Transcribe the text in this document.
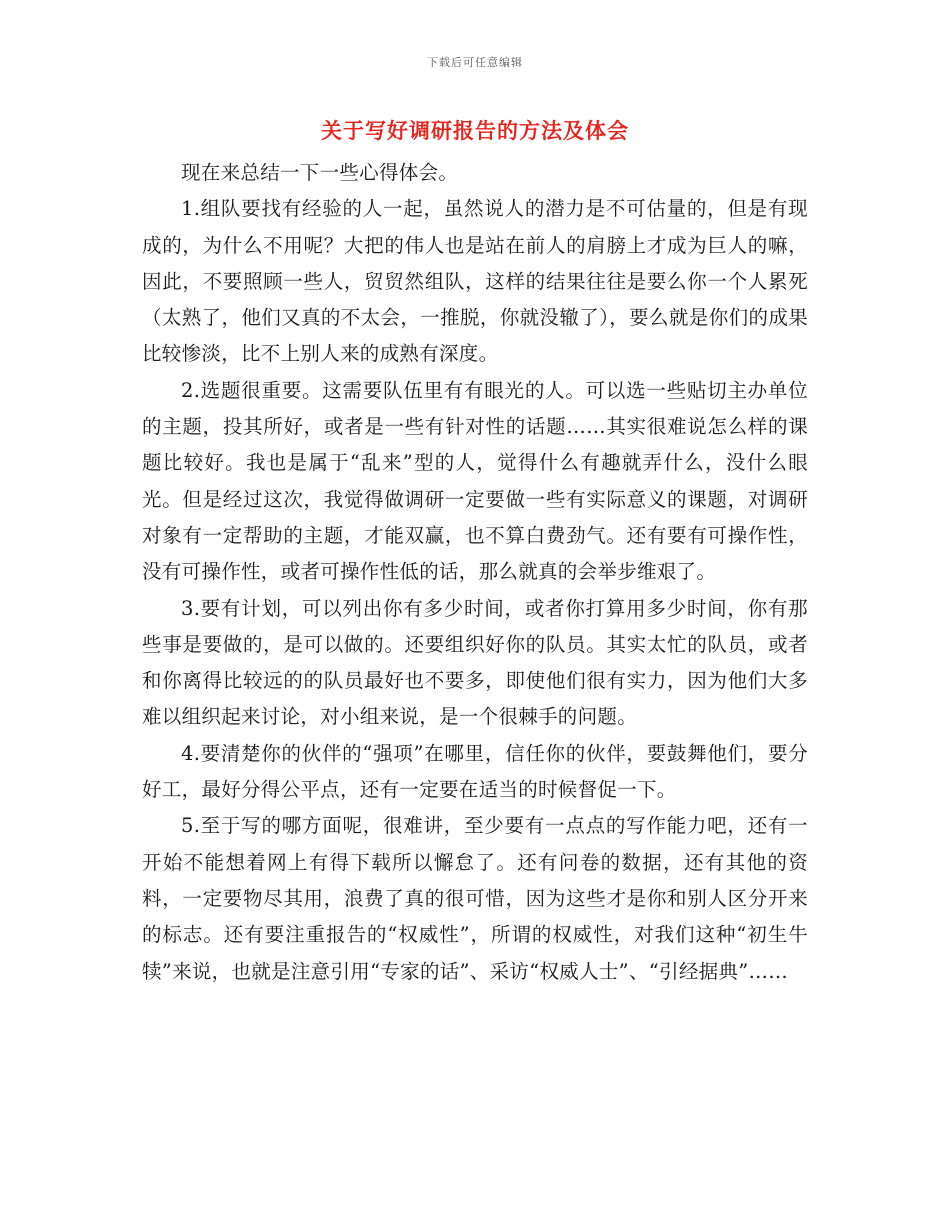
下载后可任意编辑
关于写好调研报告的方法及体会

现在来总结一下一些心得体会。

1.组队要找有经验的人一起，虽然说人的潜力是不可估量的，但是有现成的，为什么不用呢？大把的伟人也是站在前人的肩膀上才成为巨人的嘛，因此，不要照顾一些人，贸贸然组队，这样的结果往往是要么你一个人累死（太熟了，他们又真的不太会，一推脱，你就没辙了），要么就是你们的成果比较惨淡，比不上别人来的成熟有深度。

2.选题很重要。这需要队伍里有有眼光的人。可以选一些贴切主办单位的主题，投其所好，或者是一些有针对性的话题……其实很难说怎么样的课题比较好。我也是属于“乱来”型的人，觉得什么有趣就弄什么，没什么眼光。但是经过这次，我觉得做调研一定要做一些有实际意义的课题，对调研对象有一定帮助的主题，才能双赢，也不算白费劲气。还有要有可操作性，没有可操作性，或者可操作性低的话，那么就真的会举步维艰了。

3.要有计划，可以列出你有多少时间，或者你打算用多少时间，你有那些事是要做的，是可以做的。还要组织好你的队员。其实太忙的队员，或者和你离得比较远的的队员最好也不要多，即使他们很有实力，因为他们大多难以组织起来讨论，对小组来说，是一个很棘手的问题。

4.要清楚你的伙伴的“强项”在哪里，信任你的伙伴，要鼓舞他们，要分好工，最好分得公平点，还有一定要在适当的时候督促一下。

5.至于写的哪方面呢，很难讲，至少要有一点点的写作能力吧，还有一开始不能想着网上有得下载所以懈怠了。还有问卷的数据，还有其他的资料，一定要物尽其用，浪费了真的很可惜，因为这些才是你和别人区分开来的标志。还有要注重报告的“权威性”，所谓的权威性，对我们这种“初生牛犊”来说，也就是注意引用“专家的话”、采访“权威人士”、“引经据典”……
